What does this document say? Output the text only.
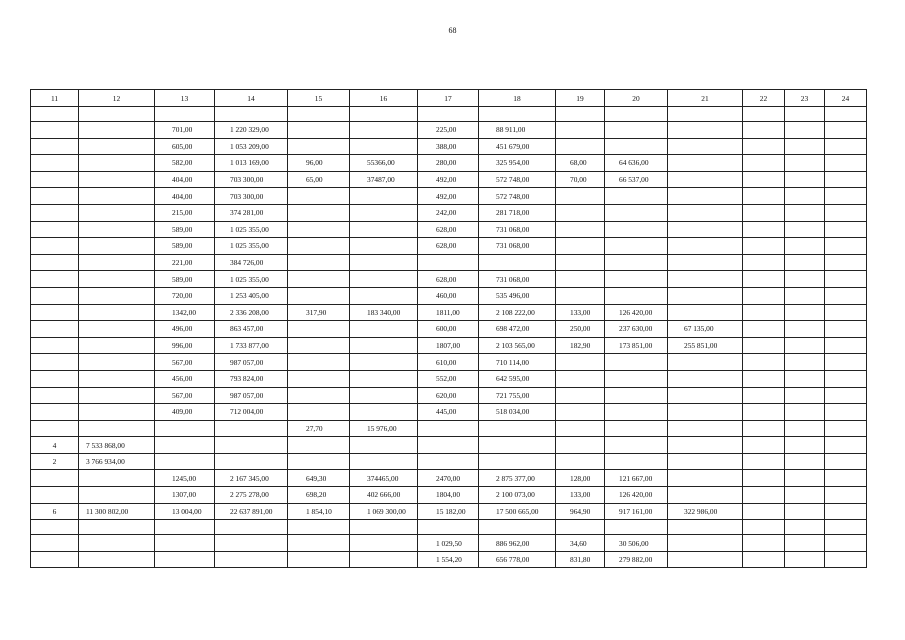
68
11	12	13	14	15	16	17	18	19	20	21	22	23	24

		701,00	1 220 329,00			225,00	88 911,00						
		605,00	1 053 209,00			388,00	451 679,00						
		582,00	1 013 169,00	96,00	55366,00	280,00	325 954,00	68,00	64 636,00				
		404,00	703 300,00	65,00	37487,00	492,00	572 748,00	70,00	66 537,00				
		404,00	703 300,00			492,00	572 748,00						
		215,00	374 281,00			242,00	281 718,00						
		589,00	1 025 355,00			628,00	731 068,00						
		589,00	1 025 355,00			628,00	731 068,00						
		221,00	384 726,00										
		589,00	1 025 355,00			628,00	731 068,00						
		720,00	1 253 405,00			460,00	535 496,00						
		1342,00	2 336 208,00	317,90	183 340,00	1811,00	2 108 222,00	133,00	126 420,00				
		496,00	863 457,00			600,00	698 472,00	250,00	237 630,00	67 135,00			
		996,00	1 733 877,00			1807,00	2 103 565,00	182,90	173 851,00	255 851,00			
		567,00	987 057,00			610,00	710 114,00						
		456,00	793 824,00			552,00	642 595,00						
		567,00	987 057,00			620,00	721 755,00						
		409,00	712 004,00			445,00	518 034,00						
				27,70	15 976,00								
4	7 533 868,00												
2	3 766 934,00												
		1245,00	2 167 345,00	649,30	374465,00	2470,00	2 875 377,00	128,00	121 667,00				
		1307,00	2 275 278,00	698,20	402 666,00	1804,00	2 100 073,00	133,00	126 420,00				
6	11 300 802,00	13 004,00	22 637 891,00	1 854,10	1 069 300,00	15 182,00	17 500 665,00	964,90	917 161,00	322 986,00			

						1 029,50	886 962,00	34,60	30 506,00				
						1 554,20	656 778,00	831,80	279 882,00				
